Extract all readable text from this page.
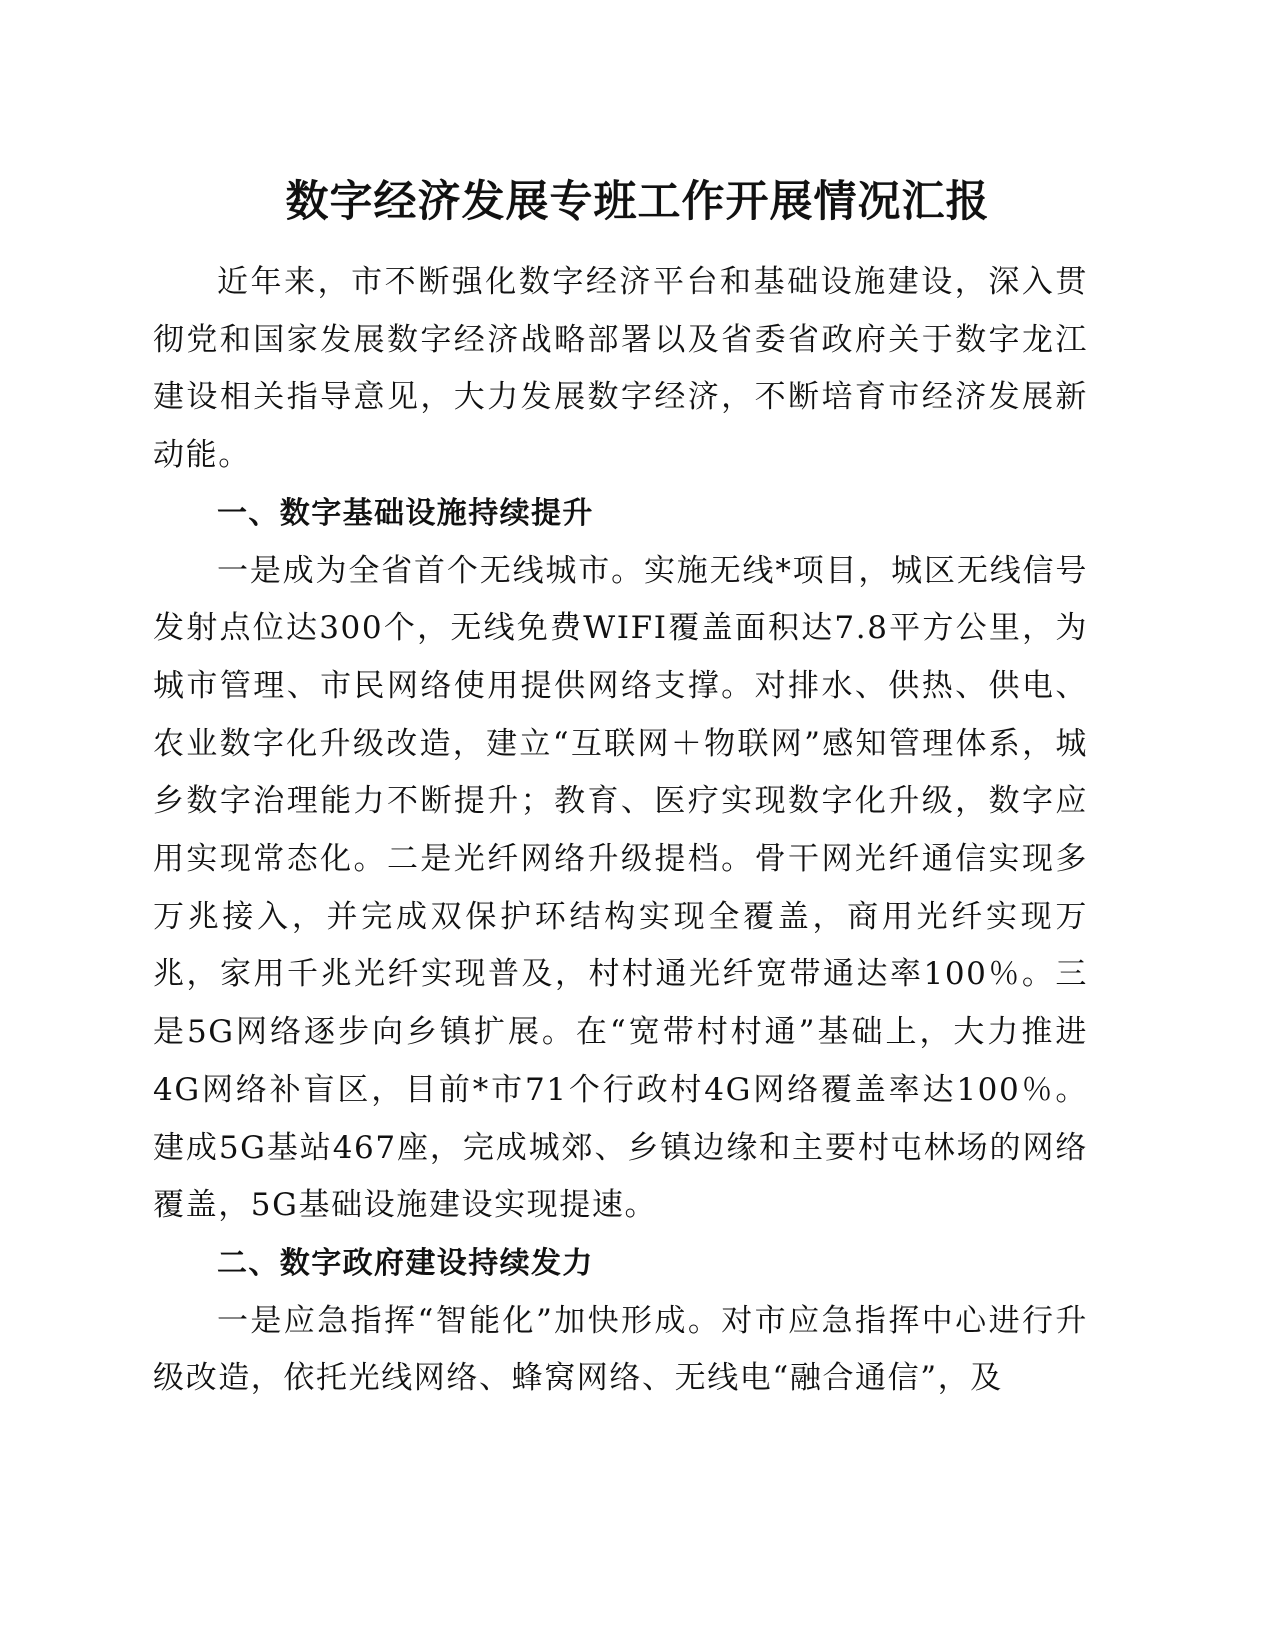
数字经济发展专班工作开展情况汇报

近年来，市不断强化数字经济平台和基础设施建设，深入贯彻党和国家发展数字经济战略部署以及省委省政府关于数字龙江建设相关指导意见，大力发展数字经济，不断培育市经济发展新动能。

一、数字基础设施持续提升

一是成为全省首个无线城市。实施无线*项目，城区无线信号发射点位达300个，无线免费WIFI覆盖面积达7.8平方公里，为城市管理、市民网络使用提供网络支撑。对排水、供热、供电、农业数字化升级改造，建立“互联网＋物联网”感知管理体系，城乡数字治理能力不断提升；教育、医疗实现数字化升级，数字应用实现常态化。二是光纤网络升级提档。骨干网光纤通信实现多万兆接入，并完成双保护环结构实现全覆盖，商用光纤实现万兆，家用千兆光纤实现普及，村村通光纤宽带通达率100％。三是5G网络逐步向乡镇扩展。在“宽带村村通”基础上，大力推进4G网络补盲区，目前*市71个行政村4G网络覆盖率达100％。建成5G基站467座，完成城郊、乡镇边缘和主要村屯林场的网络覆盖，5G基础设施建设实现提速。

二、数字政府建设持续发力

一是应急指挥“智能化”加快形成。对市应急指挥中心进行升级改造，依托光线网络、蜂窝网络、无线电“融合通信”，及
